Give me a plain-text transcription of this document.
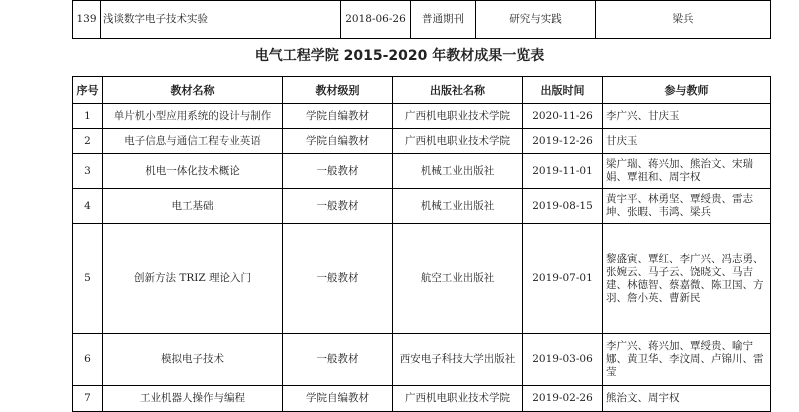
139	浅谈数字电子技术实验	2018-06-26	普通期刊	研究与实践	梁兵
电气工程学院 2015-2020 年教材成果一览表
序号	教材名称	教材级别	出版社名称	出版时间	参与教师
1	单片机小型应用系统的设计与制作	学院自编教材	广西机电职业技术学院	2020-11-26	李广兴、甘庆玉
2	电子信息与通信工程专业英语	学院自编教材	广西机电职业技术学院	2019-12-26	甘庆玉
3	机电一体化技术概论	一般教材	机械工业出版社	2019-11-01	梁广瑞、蒋兴加、熊治文、宋瑞娟、覃祖和、周宇权
4	电工基础	一般教材	机械工业出版社	2019-08-15	黄宇平、林勇坚、覃绶贵、雷志坤、张暇、韦鸿、梁兵
5	创新方法 TRIZ 理论入门	一般教材	航空工业出版社	2019-07-01	黎盛寅、覃红、李广兴、冯志勇、张婉云、马子云、饶晓文、马吉建、林德智、蔡嘉微、陈卫国、方羽、詹小英、曹新民
6	模拟电子技术	一般教材	西安电子科技大学出版社	2019-03-06	李广兴、蒋兴加、覃绶贵、喻宁娜、黄卫华、李汶周、卢锦川、雷莹
7	工业机器人操作与编程	学院自编教材	广西机电职业技术学院	2019-02-26	熊治文、周宇权
